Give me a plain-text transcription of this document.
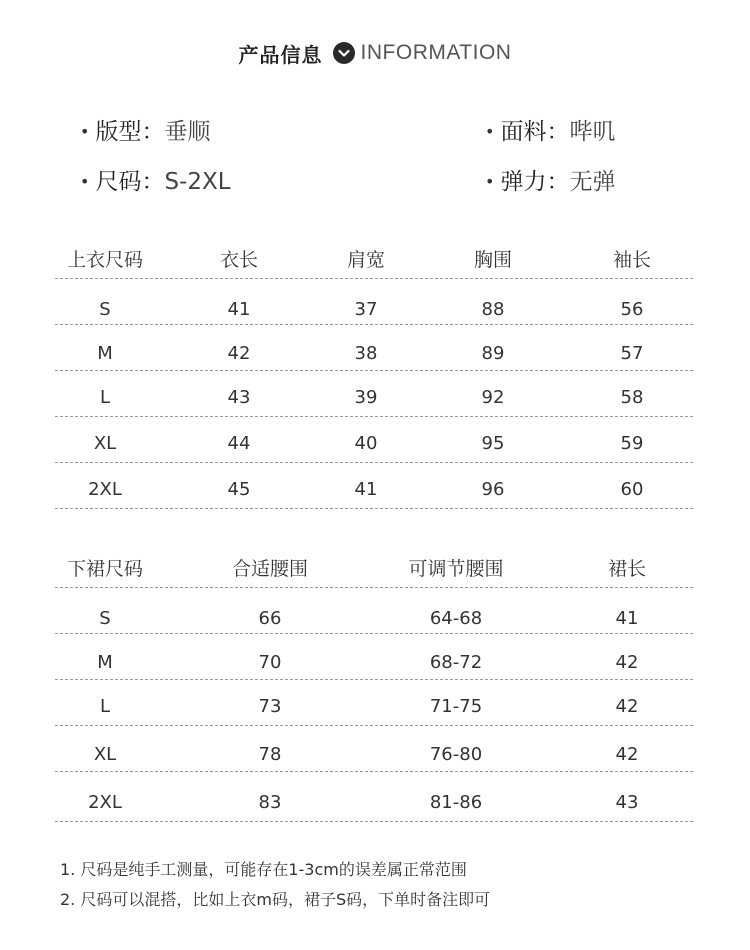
产品信息 INFORMATION
• 版型：垂顺	• 面料：哔叽
• 尺码：S-2XL	• 弹力：无弹
上衣尺码	衣长	肩宽	胸围	袖长
S	41	37	88	56
M	42	38	89	57
L	43	39	92	58
XL	44	40	95	59
2XL	45	41	96	60
下裙尺码	合适腰围	可调节腰围	裙长
S	66	64-68	41
M	70	68-72	42
L	73	71-75	42
XL	78	76-80	42
2XL	83	81-86	43
1. 尺码是纯手工测量，可能存在1-3cm的误差属正常范围
2. 尺码可以混搭，比如上衣m码，裙子S码，下单时备注即可
